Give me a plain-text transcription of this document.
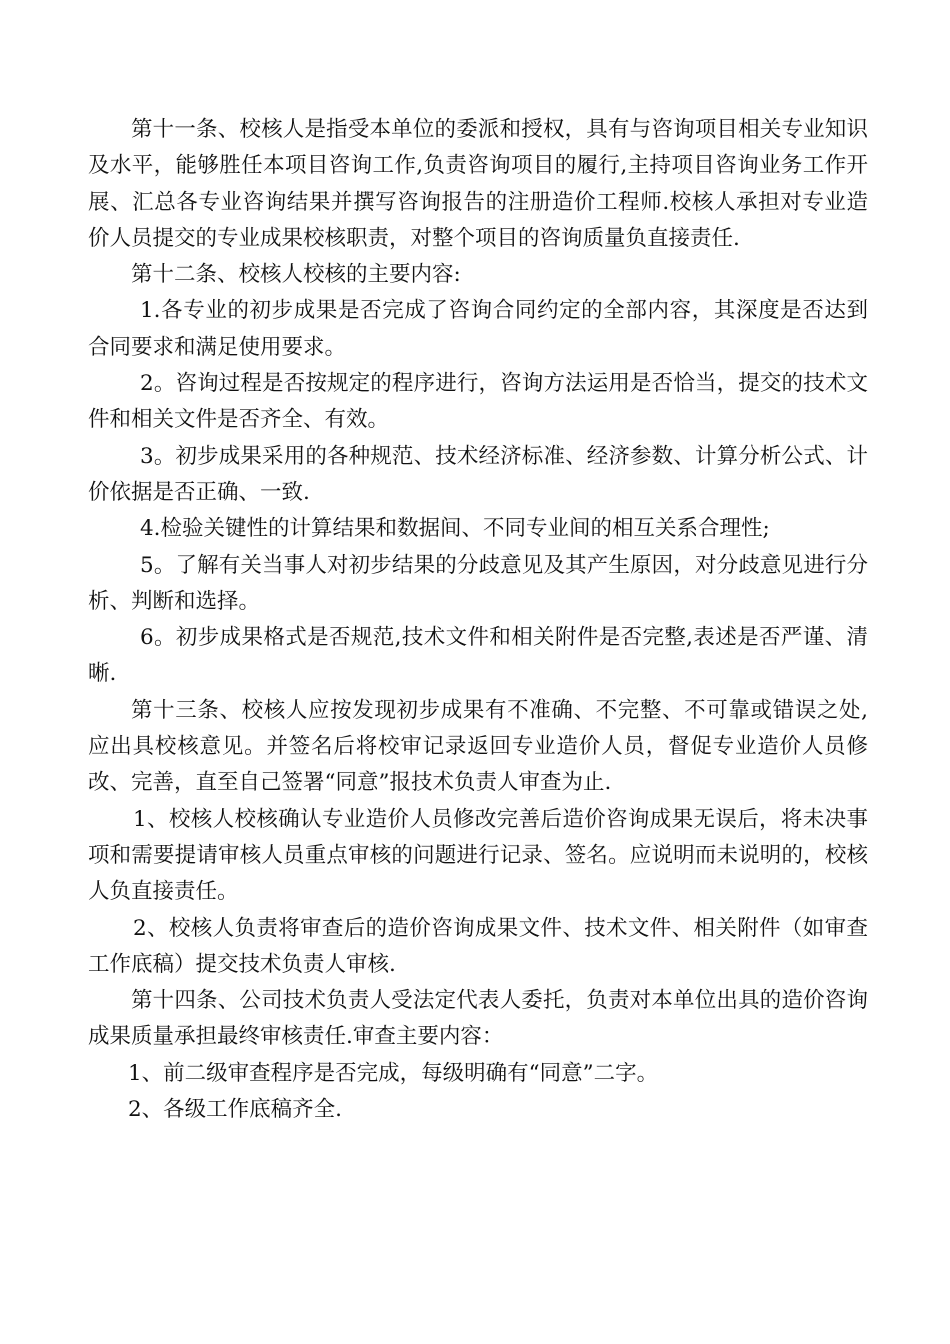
第十一条、校核人是指受本单位的委派和授权，具有与咨询项目相关专业知识及水平，能够胜任本项目咨询工作,负责咨询项目的履行,主持项目咨询业务工作开展、汇总各专业咨询结果并撰写咨询报告的注册造价工程师.校核人承担对专业造价人员提交的专业成果校核职责，对整个项目的咨询质量负直接责任.

第十二条、校核人校核的主要内容:

1.各专业的初步成果是否完成了咨询合同约定的全部内容，其深度是否达到合同要求和满足使用要求。

2。咨询过程是否按规定的程序进行，咨询方法运用是否恰当，提交的技术文件和相关文件是否齐全、有效。

3。初步成果采用的各种规范、技术经济标准、经济参数、计算分析公式、计价依据是否正确、一致.

4.检验关键性的计算结果和数据间、不同专业间的相互关系合理性;

5。了解有关当事人对初步结果的分歧意见及其产生原因，对分歧意见进行分析、判断和选择。

6。初步成果格式是否规范,技术文件和相关附件是否完整,表述是否严谨、清晰.

第十三条、校核人应按发现初步成果有不准确、不完整、不可靠或错误之处,应出具校核意见。并签名后将校审记录返回专业造价人员，督促专业造价人员修改、完善，直至自己签署“同意”报技术负责人审查为止.

1、校核人校核确认专业造价人员修改完善后造价咨询成果无误后，将未决事项和需要提请审核人员重点审核的问题进行记录、签名。应说明而未说明的，校核人负直接责任。

2、校核人负责将审查后的造价咨询成果文件、技术文件、相关附件（如审查工作底稿）提交技术负责人审核.

第十四条、公司技术负责人受法定代表人委托，负责对本单位出具的造价咨询成果质量承担最终审核责任.审查主要内容：

1、前二级审查程序是否完成，每级明确有“同意”二字。

2、各级工作底稿齐全.
